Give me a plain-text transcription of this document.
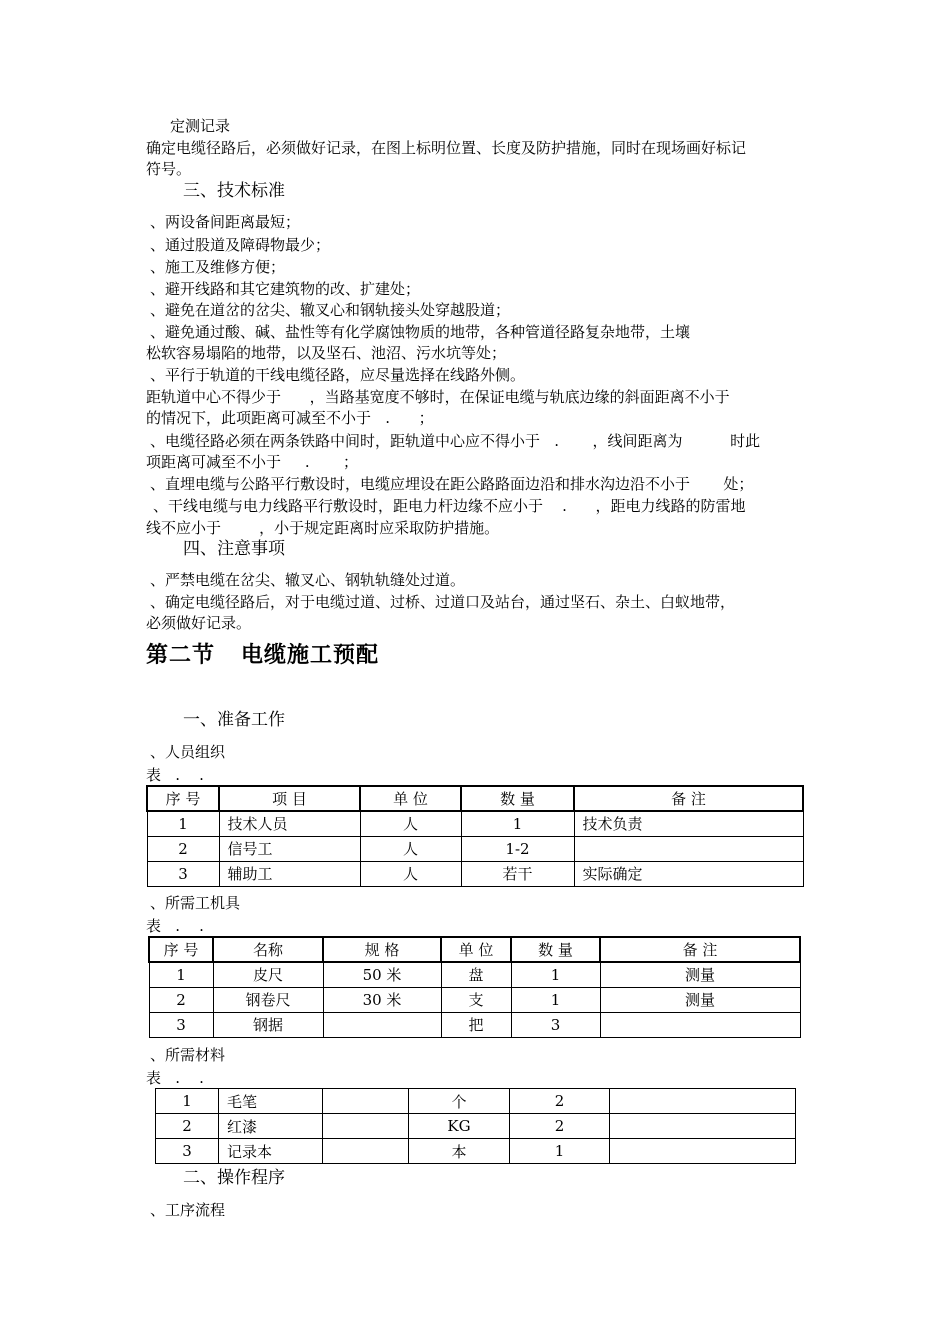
定测记录
确定电缆径路后，必须做好记录，在图上标明位置、长度及防护措施，同时在现场画好标记
符号。
三、技术标准
、两设备间距离最短；
、通过股道及障碍物最少；
、施工及维修方便；
、避开线路和其它建筑物的改、扩建处；
、避免在道岔的岔尖、辙叉心和钢轨接头处穿越股道；
、避免通过酸、碱、盐性等有化学腐蚀物质的地带，各种管道径路复杂地带，土壤
松软容易塌陷的地带，以及坚石、池沼、污水坑等处；
、平行于轨道的干线电缆径路，应尽量选择在线路外侧。
距轨道中心不得少于      ，当路基宽度不够时，在保证电缆与轨底边缘的斜面距离不小于
的情况下，此项距离可减至不小于   .      ；
、电缆径路必须在两条铁路中间时，距轨道中心应不得小于   .       ，线间距离为          时此
项距离可减至不小于     .       ；
、直埋电缆与公路平行敷设时，电缆应埋设在距公路路面边沿和排水沟边沿不小于       处；
、干线电缆与电力线路平行敷设时，距电力杆边缘不应小于    .      ，距电力线路的防雷地
线不应小于        ，小于规定距离时应采取防护措施。
四、注意事项
、严禁电缆在岔尖、辙叉心、钢轨轨缝处过道。
、确定电缆径路后，对于电缆过道、过桥、过道口及站台，通过坚石、杂土、白蚁地带，
必须做好记录。
第二节   电缆施工预配
一、准备工作
、人员组织
表   .    .
序 号	项 目	单 位	数 量	备 注
1	技术人员	人	1	技术负责
2	信号工	人	1-2	
3	辅助工	人	若干	实际确定
、所需工机具
表   .    .
序 号	名称	规 格	单 位	数 量	备 注
1	皮尺	50 米	盘	1	测量
2	钢卷尺	30 米	支	1	测量
3	钢据		把	3	
、所需材料
表   .    .
1	毛笔		个	2	
2	红漆		KG	2	
3	记录本		本	1	
二、操作程序
、工序流程
